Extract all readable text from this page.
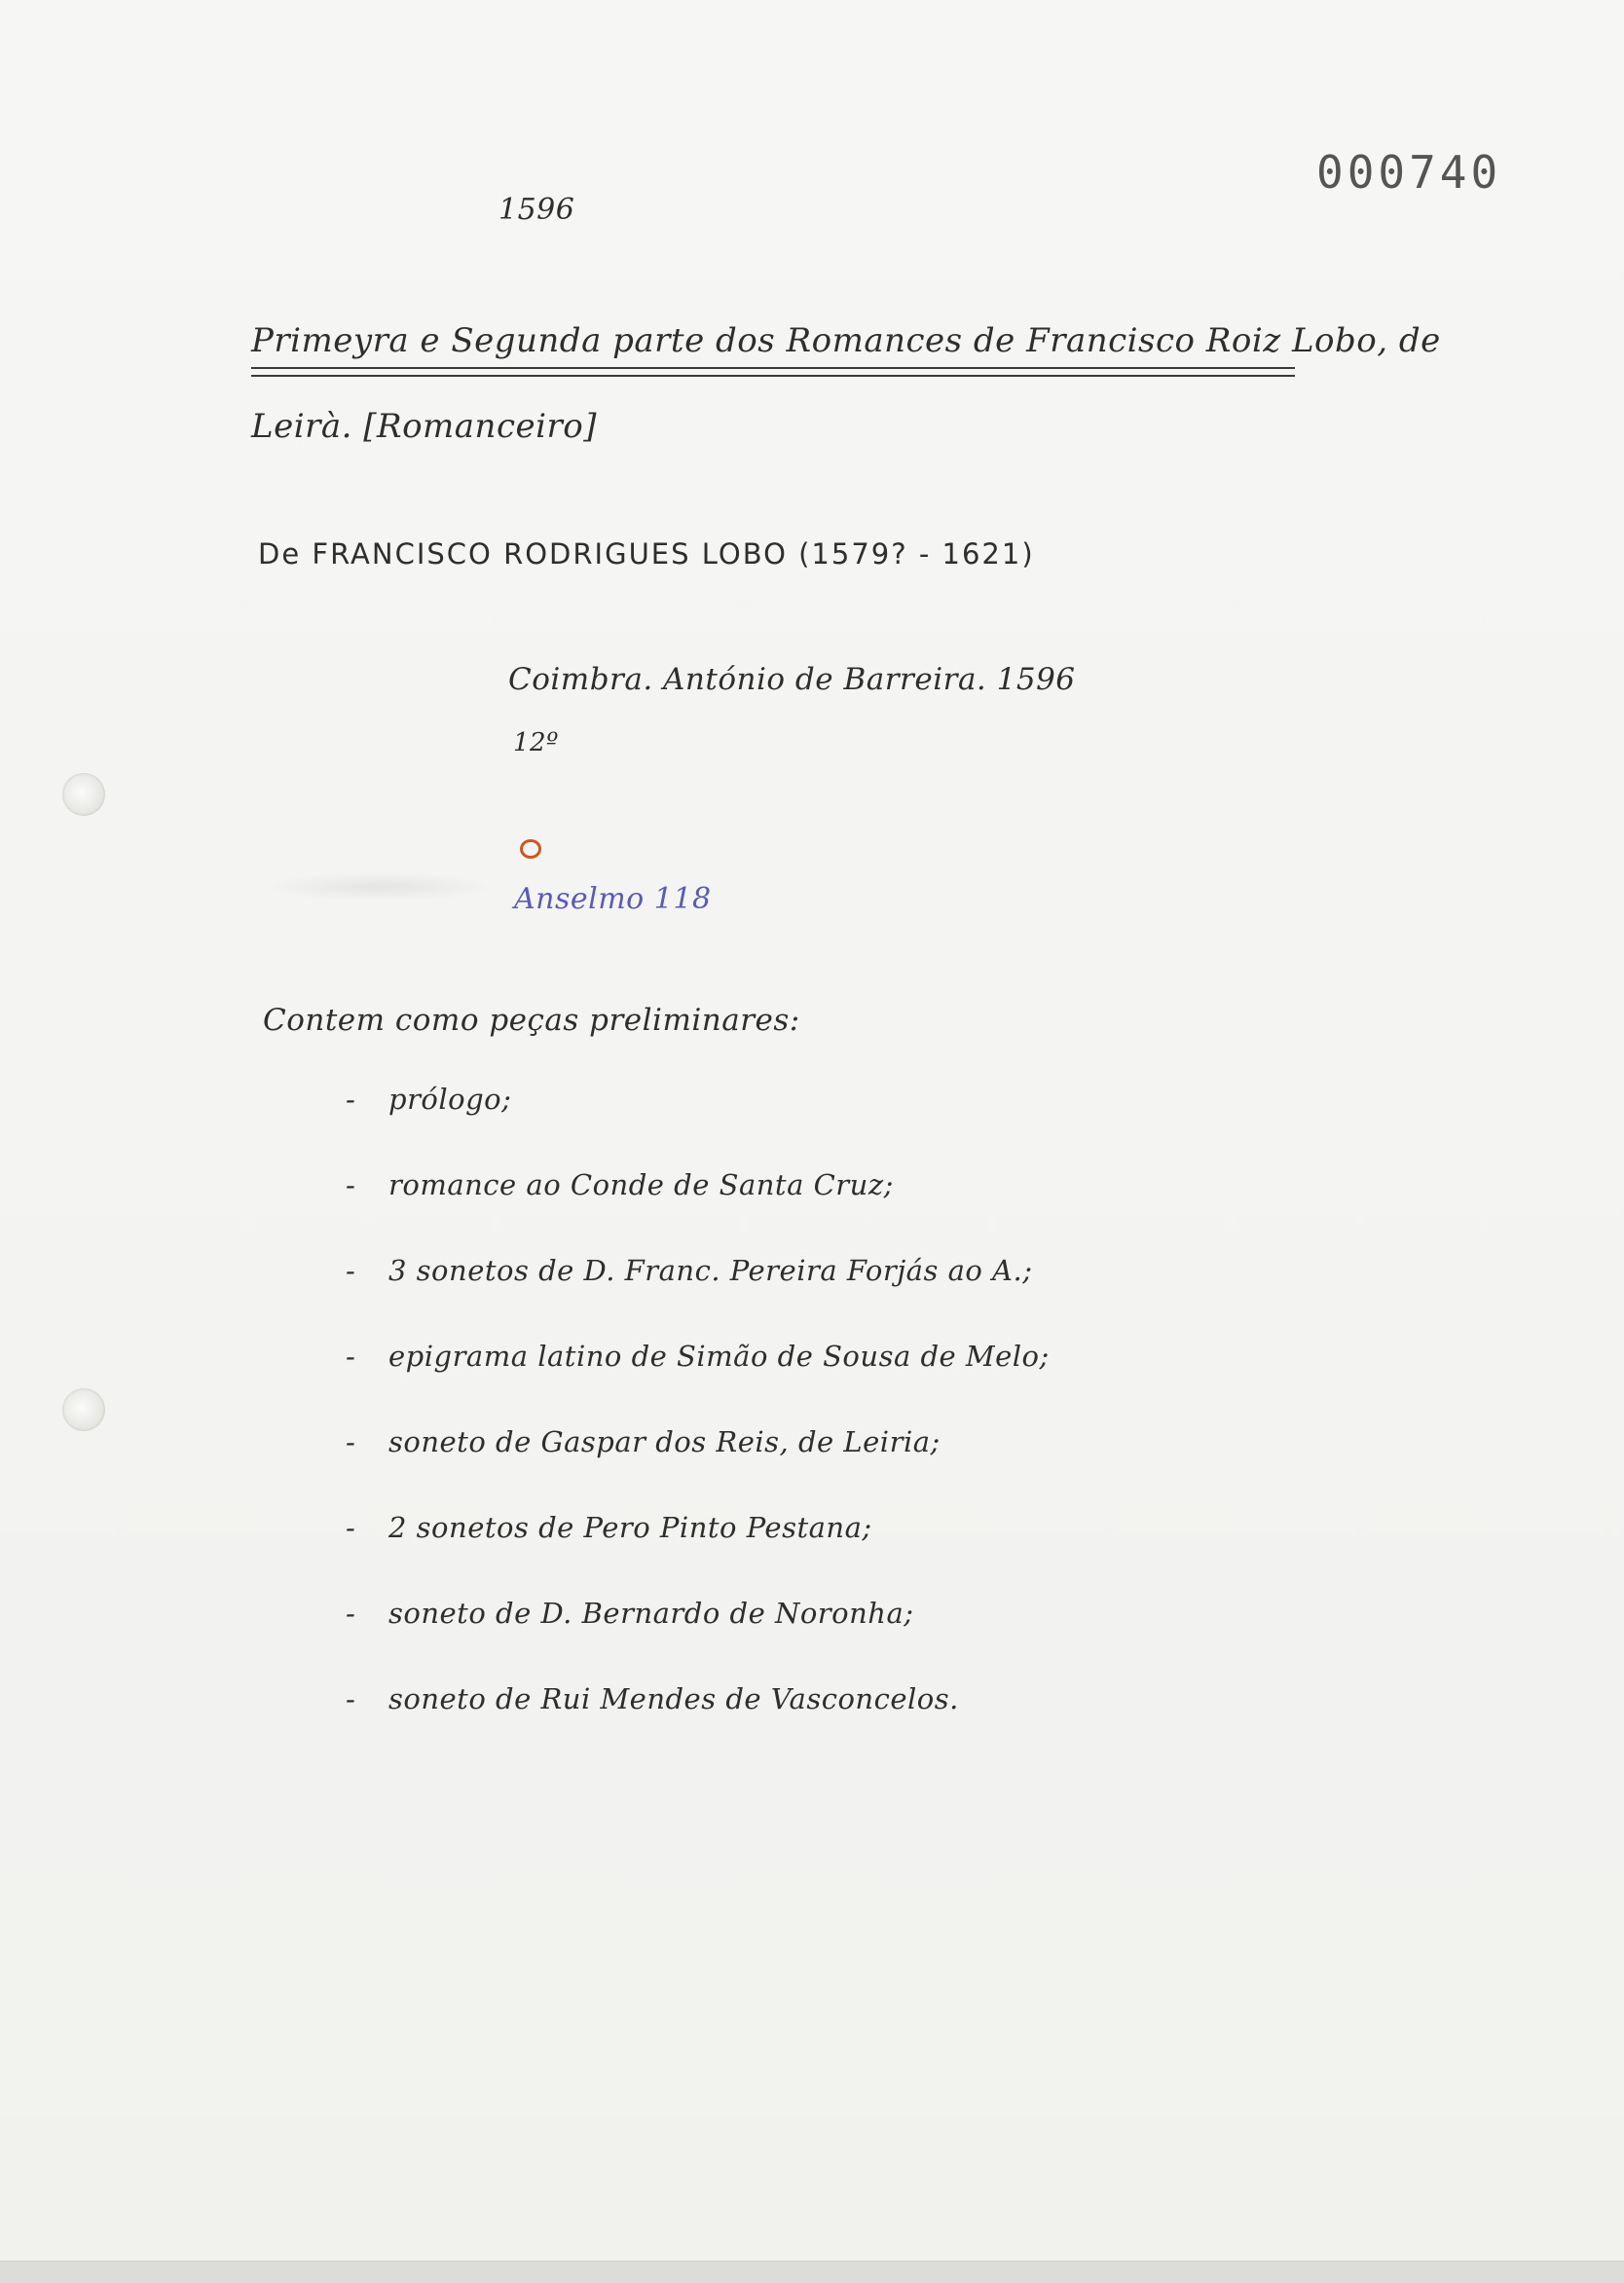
000740
1596
Primeyra e Segunda parte dos Romances de Francisco Roiz Lobo, de
Leirà. [Romanceiro]
De FRANCISCO RODRIGUES LOBO (1579? - 1621)
Coimbra. António de Barreira. 1596
12º
Anselmo 118
Contem como peças preliminares:
- prólogo;
- romance ao Conde de Santa Cruz;
- 3 sonetos de D. Franc. Pereira Forjás ao A.;
- epigrama latino de Simão de Sousa de Melo;
- soneto de Gaspar dos Reis, de Leiria;
- 2 sonetos de Pero Pinto Pestana;
- soneto de D. Bernardo de Noronha;
- soneto de Rui Mendes de Vasconcelos.
